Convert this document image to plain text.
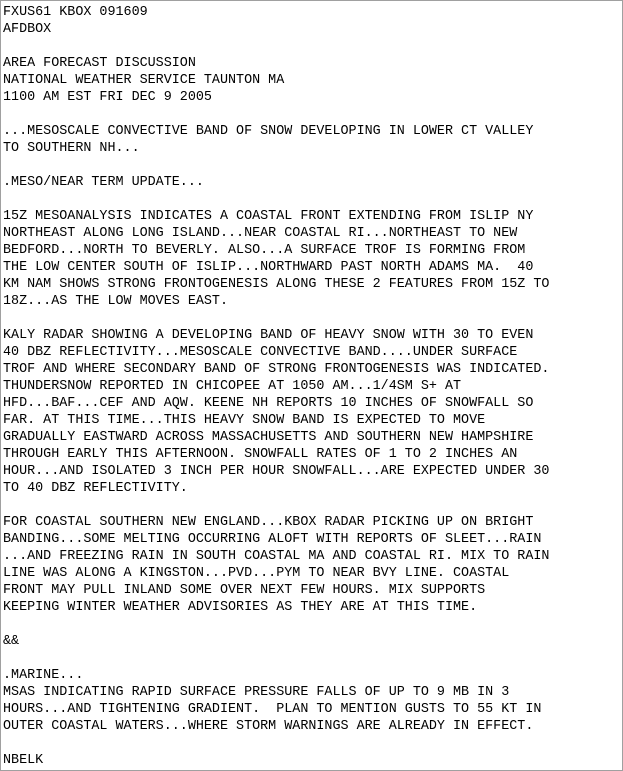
FXUS61 KBOX 091609
AFDBOX
AREA FORECAST DISCUSSION
NATIONAL WEATHER SERVICE TAUNTON MA
1100 AM EST FRI DEC 9 2005
...MESOSCALE CONVECTIVE BAND OF SNOW DEVELOPING IN LOWER CT VALLEY
TO SOUTHERN NH...
.MESO/NEAR TERM UPDATE...
15Z MESOANALYSIS INDICATES A COASTAL FRONT EXTENDING FROM ISLIP NY
NORTHEAST ALONG LONG ISLAND...NEAR COASTAL RI...NORTHEAST TO NEW
BEDFORD...NORTH TO BEVERLY. ALSO...A SURFACE TROF IS FORMING FROM
THE LOW CENTER SOUTH OF ISLIP...NORTHWARD PAST NORTH ADAMS MA.  40
KM NAM SHOWS STRONG FRONTOGENESIS ALONG THESE 2 FEATURES FROM 15Z TO
18Z...AS THE LOW MOVES EAST.
KALY RADAR SHOWING A DEVELOPING BAND OF HEAVY SNOW WITH 30 TO EVEN
40 DBZ REFLECTIVITY...MESOSCALE CONVECTIVE BAND....UNDER SURFACE
TROF AND WHERE SECONDARY BAND OF STRONG FRONTOGENESIS WAS INDICATED.
THUNDERSNOW REPORTED IN CHICOPEE AT 1050 AM...1/4SM S+ AT
HFD...BAF...CEF AND AQW. KEENE NH REPORTS 10 INCHES OF SNOWFALL SO
FAR. AT THIS TIME...THIS HEAVY SNOW BAND IS EXPECTED TO MOVE
GRADUALLY EASTWARD ACROSS MASSACHUSETTS AND SOUTHERN NEW HAMPSHIRE
THROUGH EARLY THIS AFTERNOON. SNOWFALL RATES OF 1 TO 2 INCHES AN
HOUR...AND ISOLATED 3 INCH PER HOUR SNOWFALL...ARE EXPECTED UNDER 30
TO 40 DBZ REFLECTIVITY.
FOR COASTAL SOUTHERN NEW ENGLAND...KBOX RADAR PICKING UP ON BRIGHT
BANDING...SOME MELTING OCCURRING ALOFT WITH REPORTS OF SLEET...RAIN
...AND FREEZING RAIN IN SOUTH COASTAL MA AND COASTAL RI. MIX TO RAIN
LINE WAS ALONG A KINGSTON...PVD...PYM TO NEAR BVY LINE. COASTAL
FRONT MAY PULL INLAND SOME OVER NEXT FEW HOURS. MIX SUPPORTS
KEEPING WINTER WEATHER ADVISORIES AS THEY ARE AT THIS TIME.
&&
.MARINE...
MSAS INDICATING RAPID SURFACE PRESSURE FALLS OF UP TO 9 MB IN 3
HOURS...AND TIGHTENING GRADIENT.  PLAN TO MENTION GUSTS TO 55 KT IN
OUTER COASTAL WATERS...WHERE STORM WARNINGS ARE ALREADY IN EFFECT.
NBELK
